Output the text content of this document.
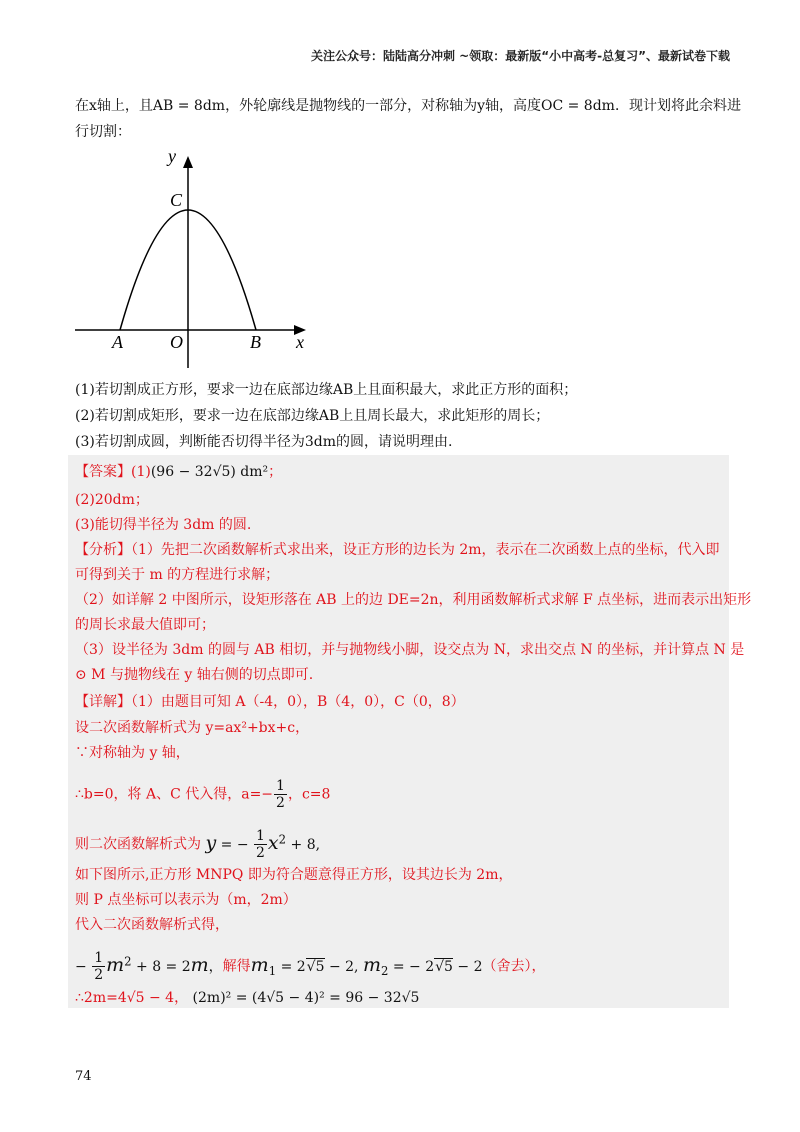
关注公众号：陆陆高分冲刺 ~领取：最新版“小中高考-总复习”、最新试卷下载
在x轴上，且AB = 8dm，外轮廓线是抛物线的一部分，对称轴为y轴，高度OC = 8dm．现计划将此余料进
行切割：
y
x
C
A	O	B
(1)若切割成正方形，要求一边在底部边缘AB上且面积最大，求此正方形的面积；
(2)若切割成矩形，要求一边在底部边缘AB上且周长最大，求此矩形的周长；
(3)若切割成圆，判断能否切得半径为3dm的圆，请说明理由.
【答案】(1)(96 − 32√5) dm²；
(2)20dm；
(3)能切得半径为 3dm 的圆.
【分析】（1）先把二次函数解析式求出来，设正方形的边长为 2m，表示在二次函数上点的坐标，代入即
可得到关于 m 的方程进行求解；
（2）如详解 2 中图所示，设矩形落在 AB 上的边 DE=2n，利用函数解析式求解 F 点坐标，进而表示出矩形
的周长求最大值即可；
（3）设半径为 3dm 的圆与 AB 相切，并与抛物线小脚，设交点为 N，求出交点 N 的坐标，并计算点 N 是
⊙ M 与抛物线在 y 轴右侧的切点即可.
【详解】（1）由题目可知 A（-4，0），B（4，0），C（0，8）
设二次函数解析式为 y=ax²+bx+c，
∵对称轴为 y 轴，
∴b=0，将 A、C 代入得，$a=- \frac{1}{2}$ ，c=8
则二次函数解析式为 y = − $\frac{1}{2} x^2 + 8$,
如下图所示,正方形 MNPQ 即为符合题意得正方形，设其边长为 2m，
则 P 点坐标可以表示为（m，2m）
代入二次函数解析式得，
− $\frac{1}{2} m^2 + 8 = 2m$，解得$m_1 = 2√5 - 2$, $m_2$ = − 2√5 − 2（舍去），
∴2m=4√5 − 4， (2m)² = (4√5 − 4)² = 96 − 32√5
74
